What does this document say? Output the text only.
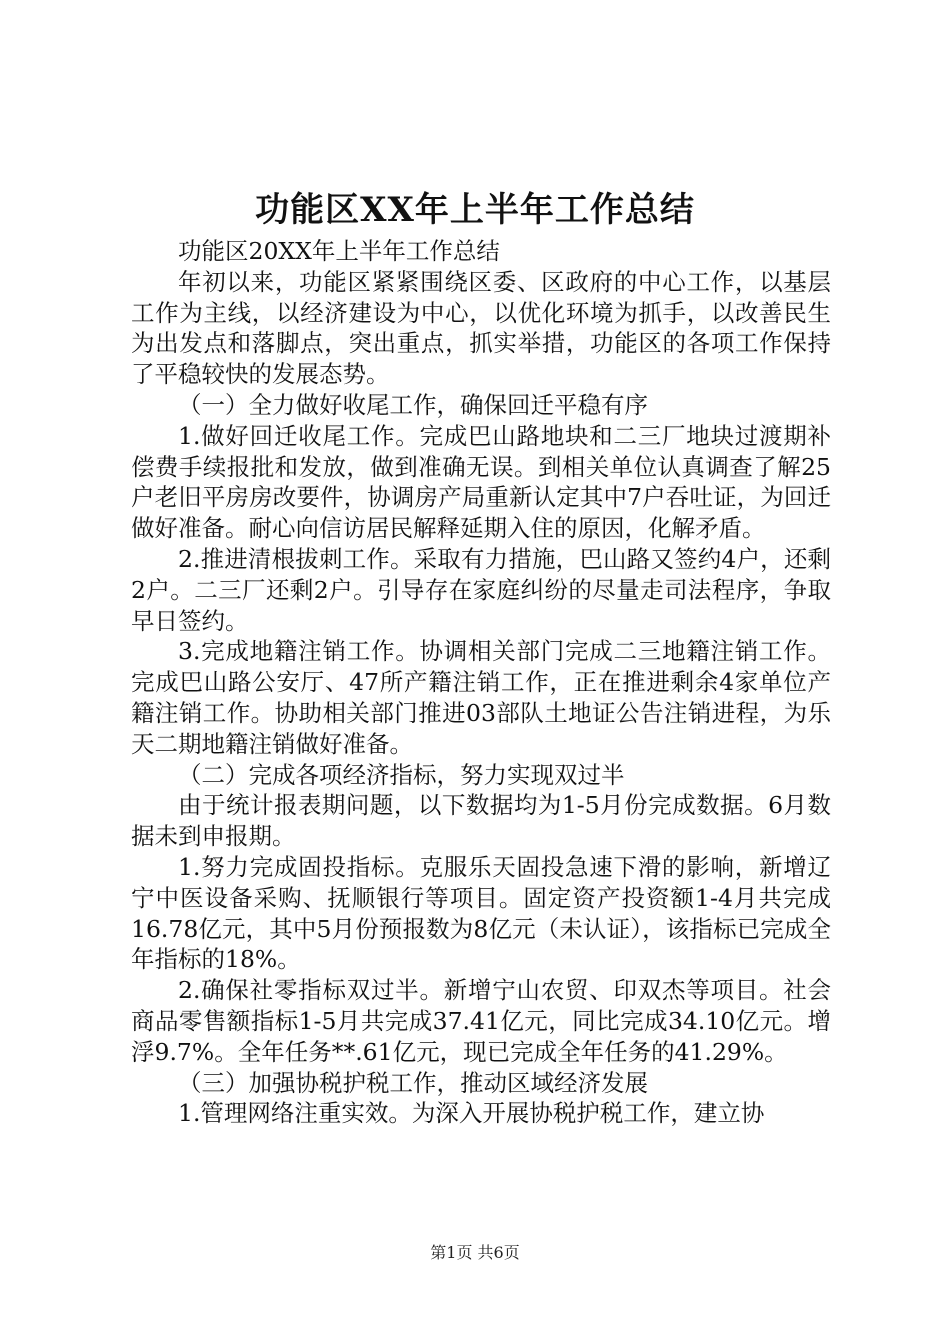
功能区XX年上半年工作总结

功能区20XX年上半年工作总结

年初以来，功能区紧紧围绕区委、区政府的中心工作，以基层工作为主线，以经济建设为中心，以优化环境为抓手，以改善民生为出发点和落脚点，突出重点，抓实举措，功能区的各项工作保持了平稳较快的发展态势。

（一）全力做好收尾工作，确保回迁平稳有序

1.做好回迁收尾工作。完成巴山路地块和二三厂地块过渡期补偿费手续报批和发放，做到准确无误。到相关单位认真调查了解25户老旧平房房改要件，协调房产局重新认定其中7户吞吐证，为回迁做好准备。耐心向信访居民解释延期入住的原因，化解矛盾。

2.推进清根拔刺工作。采取有力措施，巴山路又签约4户，还剩2户。二三厂还剩2户。引导存在家庭纠纷的尽量走司法程序，争取早日签约。

3.完成地籍注销工作。协调相关部门完成二三地籍注销工作。完成巴山路公安厅、47所产籍注销工作，正在推进剩余4家单位产籍注销工作。协助相关部门推进03部队土地证公告注销进程，为乐天二期地籍注销做好准备。

（二）完成各项经济指标，努力实现双过半

由于统计报表期问题，以下数据均为1-5月份完成数据。6月数据未到申报期。

1.努力完成固投指标。克服乐天固投急速下滑的影响，新增辽宁中医设备采购、抚顺银行等项目。固定资产投资额1-4月共完成16.78亿元，其中5月份预报数为8亿元（未认证），该指标已完成全年指标的18%。

2.确保社零指标双过半。新增宁山农贸、印双杰等项目。社会商品零售额指标1-5月共完成37.41亿元，同比完成34.10亿元。增浮9.7%。全年任务**.61亿元，现已完成全年任务的41.29%。

（三）加强协税护税工作，推动区域经济发展

1.管理网络注重实效。为深入开展协税护税工作，建立协

第1页 共6页
